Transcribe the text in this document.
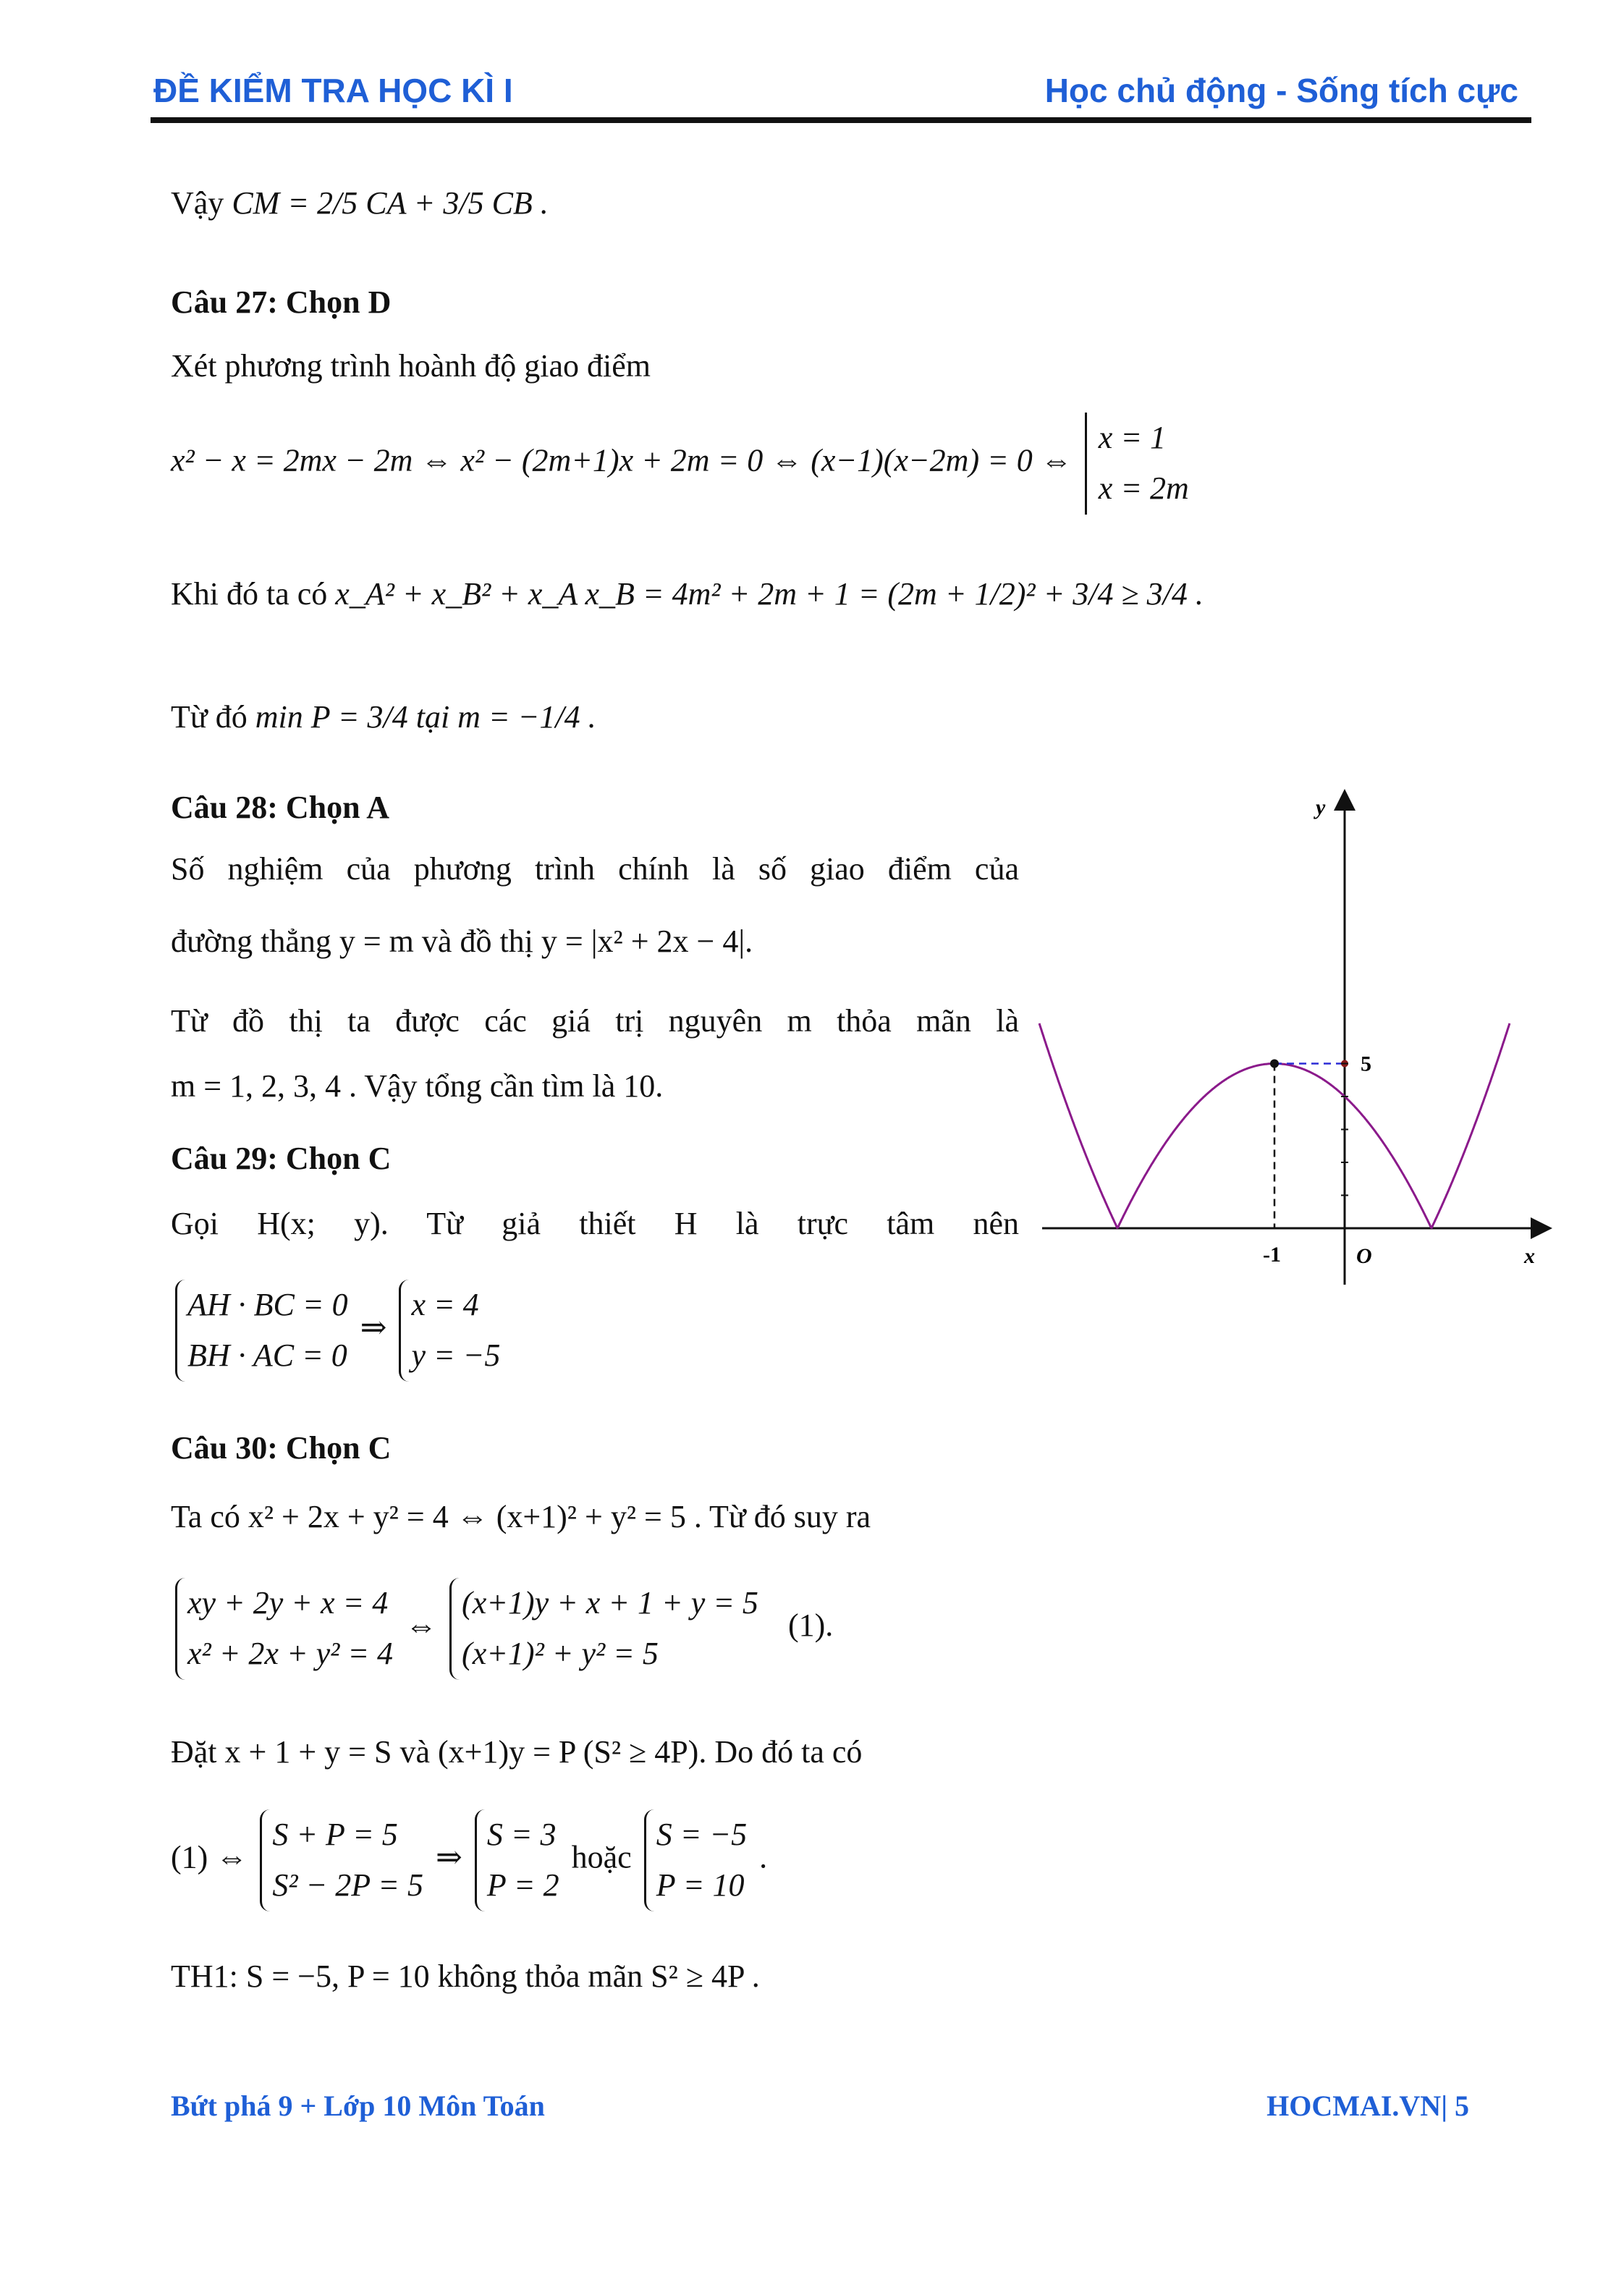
ĐỀ KIỂM TRA HỌC KÌ I	Học chủ động - Sống tích cực
Vậy CM = 2/5 CA + 3/5 CB .
Câu 27: Chọn D
Xét phương trình hoành độ giao điểm
x² − x = 2mx − 2m ⇔ x² − (2m+1)x + 2m = 0 ⇔ (x−1)(x−2m) = 0 ⇔
x = 1
x = 2m
Khi đó ta có x_A² + x_B² + x_A x_B = 4m² + 2m + 1 = (2m + 1/2)² + 3/4 ≥ 3/4 .
Từ đó min P = 3/4 tại m = −1/4 .
Câu 28: Chọn A
Số nghiệm của phương trình chính là số giao điểm của
đường thẳng y = m và đồ thị y = |x² + 2x − 4|.
Từ đồ thị ta được các giá trị nguyên m thỏa mãn là
m = 1, 2, 3, 4 . Vậy tổng cần tìm là 10.
Câu 29: Chọn C
Gọi H(x; y). Từ giả thiết H là trực tâm nên
AH · BC = 0
BH · AC = 0
⇒
x = 4
y = −5
Câu 30: Chọn C
Ta có x² + 2x + y² = 4 ⇔ (x+1)² + y² = 5 . Từ đó suy ra
xy + 2y + x = 4
x² + 2x + y² = 4
⇔
(x+1)y + x + 1 + y = 5
(x+1)² + y² = 5
(1).
Đặt x + 1 + y = S và (x+1)y = P (S² ≥ 4P). Do đó ta có
(1) ⇔
S + P = 5
S² − 2P = 5
⇒
S = 3
P = 2
hoặc
S = −5
P = 10
.
TH1: S = −5, P = 10 không thỏa mãn S² ≥ 4P .
y
x
O
5
-1
Bứt phá 9 + Lớp 10 Môn Toán	HOCMAI.VN| 5
